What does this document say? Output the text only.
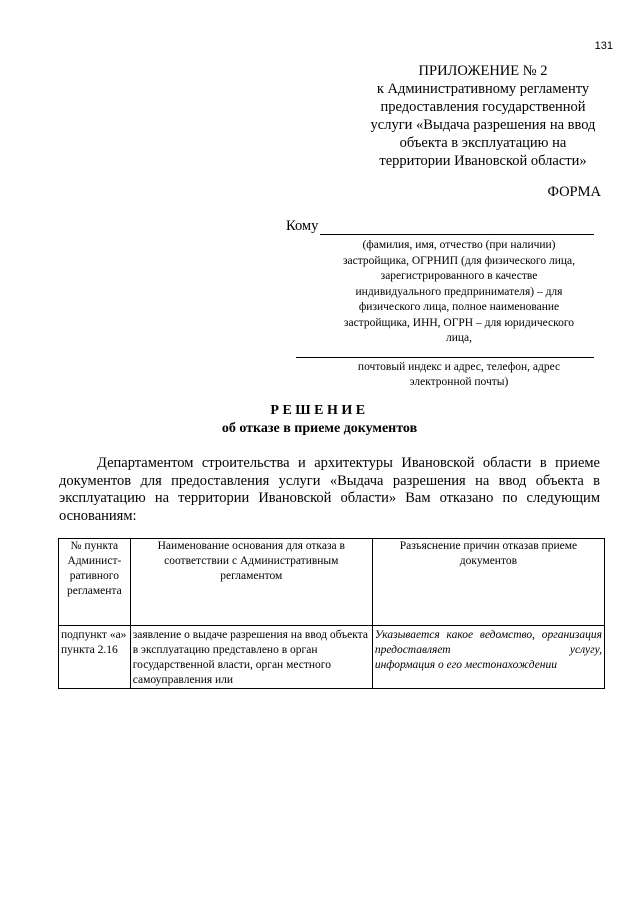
131
ПРИЛОЖЕНИЕ № 2
к Административному регламенту
предоставления государственной
услуги «Выдача разрешения на ввод
объекта в эксплуатацию на
территории Ивановской области»
ФОРМА
Кому
(фамилия, имя, отчество (при наличии)
застройщика, ОГРНИП (для физического лица,
зарегистрированного в качестве
индивидуального предпринимателя) – для
физического лица, полное наименование
застройщика, ИНН, ОГРН – для юридического
лица,
почтовый индекс и адрес, телефон, адрес
электронной почты)
РЕШЕНИЕ
об отказе в приеме документов
Департаментом строительства и архитектуры Ивановской области в приеме документов для предоставления услуги «Выдача разрешения на ввод объекта в эксплуатацию на территории Ивановской области» Вам отказано по следующим основаниям:
№ пункта Админист-ративного регламента	Наименование основания для отказа в соответствии с Административным регламентом	Разъяснение причин отказав приеме документов
подпункт «а» пункта 2.16	заявление о выдаче разрешения на ввод объекта в эксплуатацию представлено в орган государственной власти, орган местного самоуправления или	Указывается какое ведомство, организация предоставляет услугу,
информация о его местонахождении
